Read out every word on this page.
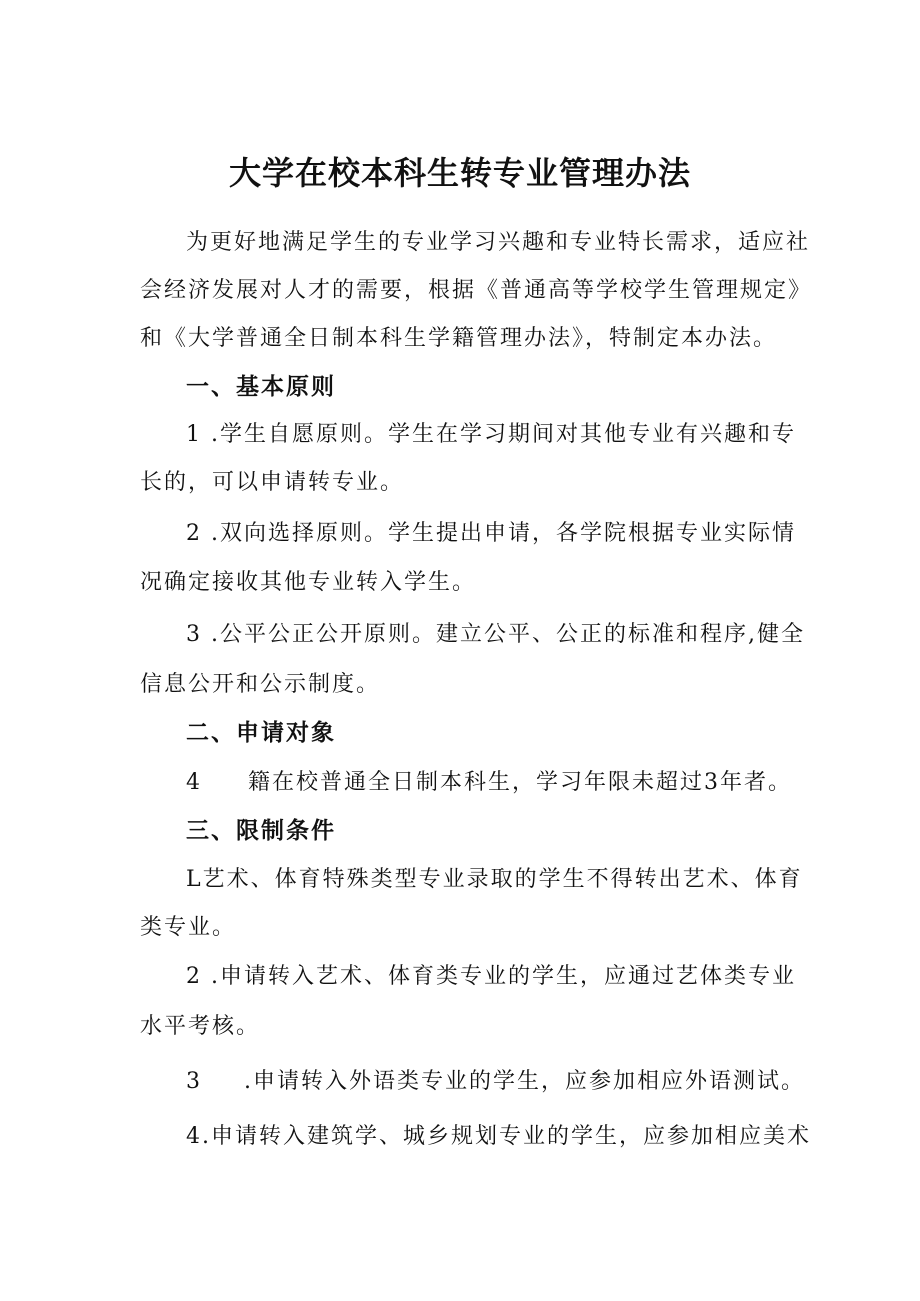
大学在校本科生转专业管理办法
为更好地满足学生的专业学习兴趣和专业特长需求，适应社
会经济发展对人才的需要，根据《普通高等学校学生管理规定》
和《大学普通全日制本科生学籍管理办法》，特制定本办法。
一、基本原则
1 .学生自愿原则。学生在学习期间对其他专业有兴趣和专
长的，可以申请转专业。
2 .双向选择原则。学生提出申请，各学院根据专业实际情
况确定接收其他专业转入学生。
3 .公平公正公开原则。建立公平、公正的标准和程序,健全
信息公开和公示制度。
二、申请对象
4 籍在校普通全日制本科生，学习年限未超过3年者。
三、限制条件
L艺术、体育特殊类型专业录取的学生不得转出艺术、体育
类专业。
2 .申请转入艺术、体育类专业的学生，应通过艺体类专业
水平考核。
3 .申请转入外语类专业的学生，应参加相应外语测试。
4.申请转入建筑学、城乡规划专业的学生，应参加相应美术
